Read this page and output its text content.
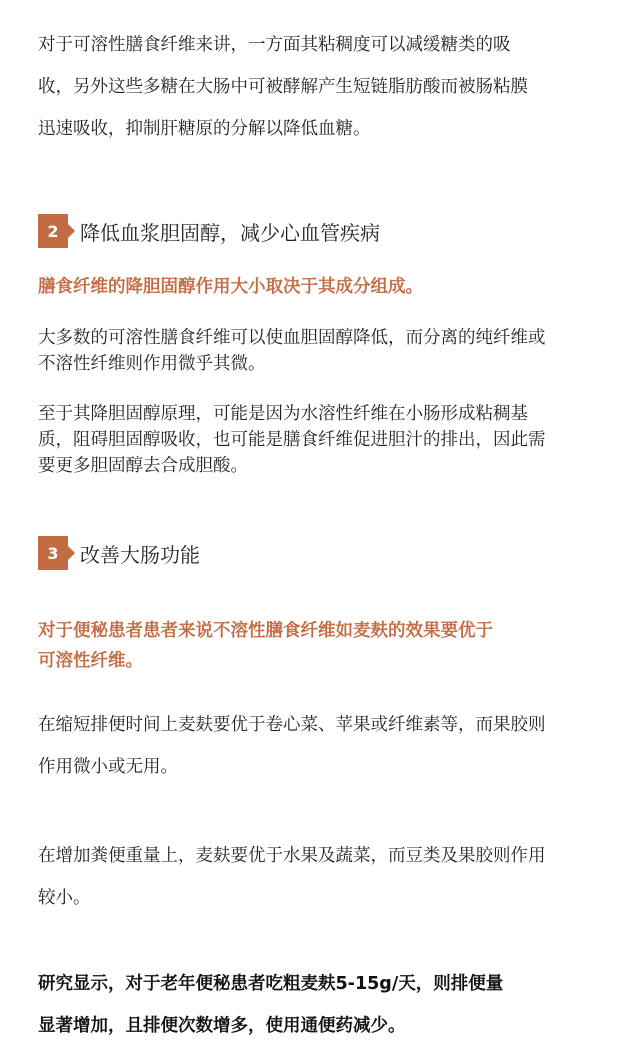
对于可溶性膳食纤维来讲，一方面其粘稠度可以减缓糖类的吸
收，另外这些多糖在大肠中可被酵解产生短链脂肪酸而被肠粘膜
迅速吸收，抑制肝糖原的分解以降低血糖。
2 降低血浆胆固醇，减少心血管疾病
膳食纤维的降胆固醇作用大小取决于其成分组成。
大多数的可溶性膳食纤维可以使血胆固醇降低，而分离的纯纤维或
不溶性纤维则作用微乎其微。
至于其降胆固醇原理，可能是因为水溶性纤维在小肠形成粘稠基
质，阻碍胆固醇吸收，也可能是膳食纤维促进胆汁的排出，因此需
要更多胆固醇去合成胆酸。
3 改善大肠功能
对于便秘患者患者来说不溶性膳食纤维如麦麸的效果要优于
可溶性纤维。
在缩短排便时间上麦麸要优于卷心菜、苹果或纤维素等，而果胶则
作用微小或无用。
在增加粪便重量上，麦麸要优于水果及蔬菜，而豆类及果胶则作用
较小。
研究显示，对于老年便秘患者吃粗麦麸5-15g/天，则排便量
显著增加，且排便次数增多，使用通便药减少。
